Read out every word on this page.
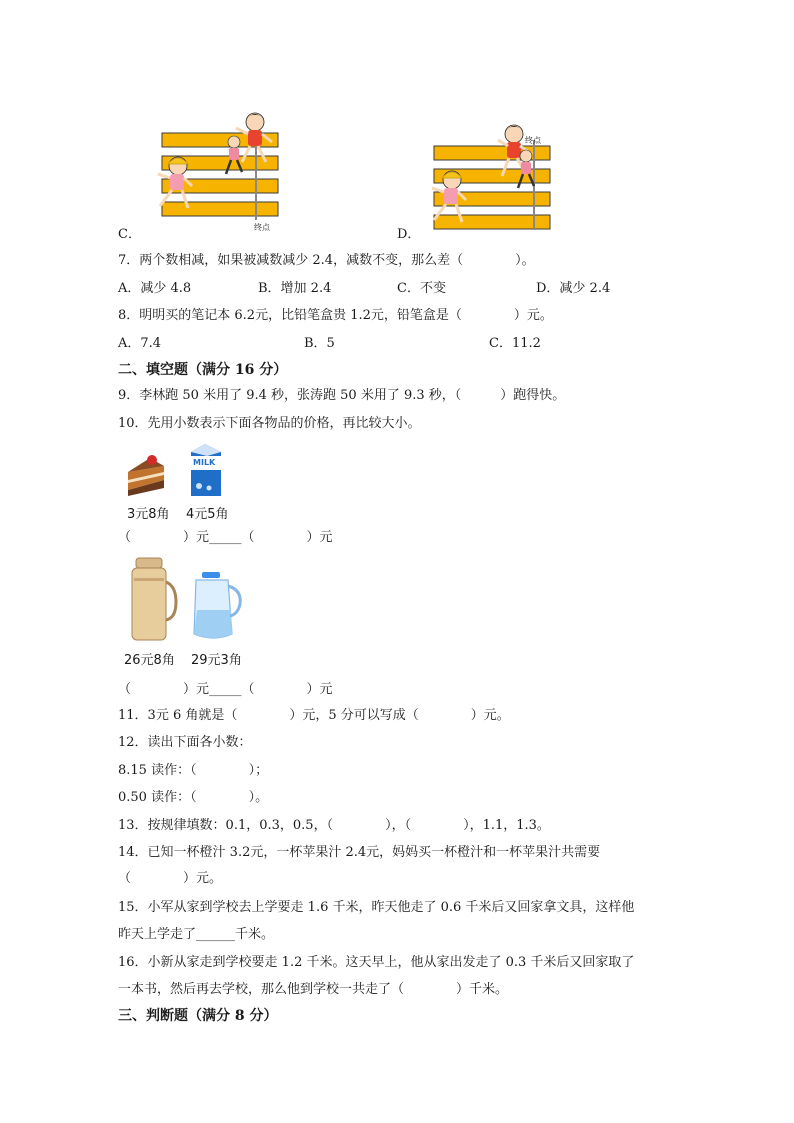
终点
终点
C．	D．
7．两个数相减，如果被减数减少 2.4，减数不变，那么差（　　　　）。
A．减少 4.8	B．增加 2.4	C．不变	D．减少 2.4
8．明明买的笔记本 6.2元，比铅笔盒贵 1.2元，铅笔盒是（　　　　）元。
A．7.4	B．5	C．11.2
二、填空题（满分 16 分）
9．李林跑 50 米用了 9.4 秒，张涛跑 50 米用了 9.3 秒，（　　　）跑得快。
10．先用小数表示下面各物品的价格，再比较大小。
MILK
3元8角 4元5角
（　　　　）元_____（　　　　）元
26元8角 29元3角
（　　　　）元_____（　　　　）元
11．3元 6 角就是（　　　　）元，5 分可以写成（　　　　）元。
12．读出下面各小数：
8.15 读作：（　　　　）；
0.50 读作：（　　　　）。
13．按规律填数：0.1，0.3，0.5，（　　　　），（　　　　），1.1，1.3。
14．已知一杯橙汁 3.2元，一杯苹果汁 2.4元，妈妈买一杯橙汁和一杯苹果汁共需要
（　　　　）元。
15．小军从家到学校去上学要走 1.6 千米，昨天他走了 0.6 千米后又回家拿文具，这样他
昨天上学走了______千米。
16．小新从家走到学校要走 1.2 千米。这天早上，他从家出发走了 0.3 千米后又回家取了
一本书，然后再去学校，那么他到学校一共走了（　　　　）千米。
三、判断题（满分 8 分）
